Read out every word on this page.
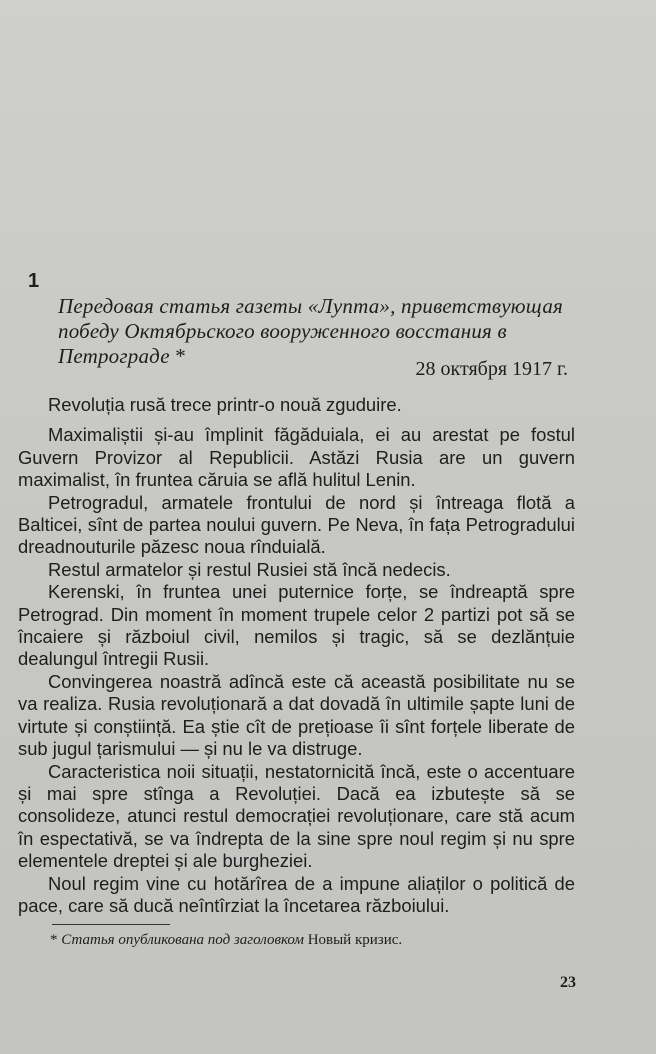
1
Передовая статья газеты «Лупта», приветствующая победу Октябрьского вооруженного восстания в Петрограде *
28 октября 1917 г.

Revoluția rusă trece printr-o nouă zguduire.

Maximaliștii și-au împlinit făgăduiala, ei au arestat pe fostul Guvern Provizor al Republicii. Astăzi Rusia are un guvern maximalist, în fruntea căruia se află hulitul Lenin.

Petrogradul, armatele frontului de nord și întreaga flotă a Balticei, sînt de partea noului guvern. Pe Neva, în fața Petrogradului dreadnouturile păzesc noua rînduială.

Restul armatelor și restul Rusiei stă încă nedecis.

Kerenski, în fruntea unei puternice forțe, se îndreaptă spre Petrograd. Din moment în moment trupele celor 2 partizi pot să se încaiere și războiul civil, nemilos și tragic, să se dezlănțuie dealungul întregii Rusii.

Convingerea noastră adîncă este că această posibilitate nu se va realiza. Rusia revoluționară a dat dovadă în ultimile șapte luni de virtute și conștiință. Ea știe cît de prețioase îi sînt forțele liberate de sub jugul țarismului — și nu le va distruge.

Caracteristica noii situații, nestatornicită încă, este o accentuare și mai spre stînga a Revoluției. Dacă ea izbutește să se consolideze, atunci restul democrației revoluționare, care stă acum în espectativă, se va îndrepta de la sine spre noul regim și nu spre elementele dreptei și ale burgheziei.

Noul regim vine cu hotărîrea de a impune aliaților o politică de pace, care să ducă neîntîrziat la încetarea războiului.

* Статья опубликована под заголовком Новый кризис.
23
